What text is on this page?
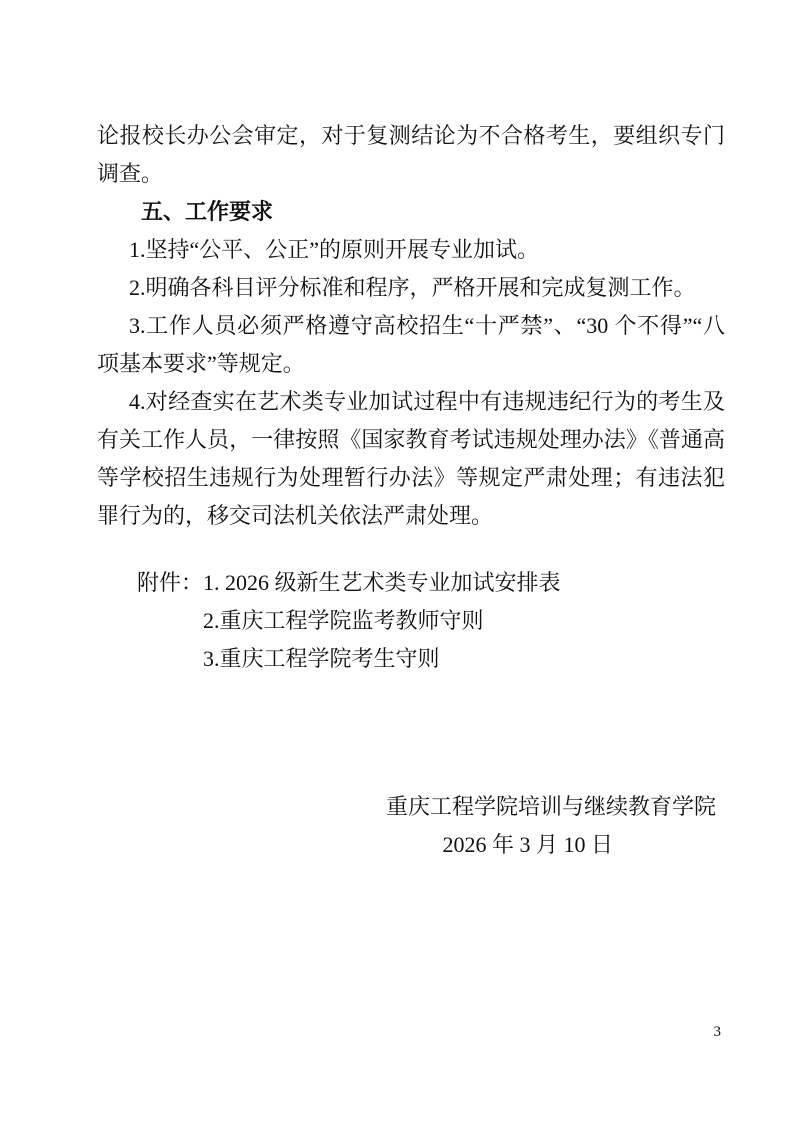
论报校长办公会审定，对于复测结论为不合格考生，要组织专门调查。

五、工作要求

1.坚持“公平、公正”的原则开展专业加试。

2.明确各科目评分标准和程序，严格开展和完成复测工作。

3.工作人员必须严格遵守高校招生“十严禁”、“30 个不得”“八项基本要求”等规定。

4.对经查实在艺术类专业加试过程中有违规违纪行为的考生及有关工作人员，一律按照《国家教育考试违规处理办法》《普通高等学校招生违规行为处理暂行办法》等规定严肃处理；有违法犯罪行为的，移交司法机关依法严肃处理。

附件： 1. 2026 级新生艺术类专业加试安排表
2.重庆工程学院监考教师守则
3.重庆工程学院考生守则
重庆工程学院培训与继续教育学院
2026 年 3 月 10 日
3
